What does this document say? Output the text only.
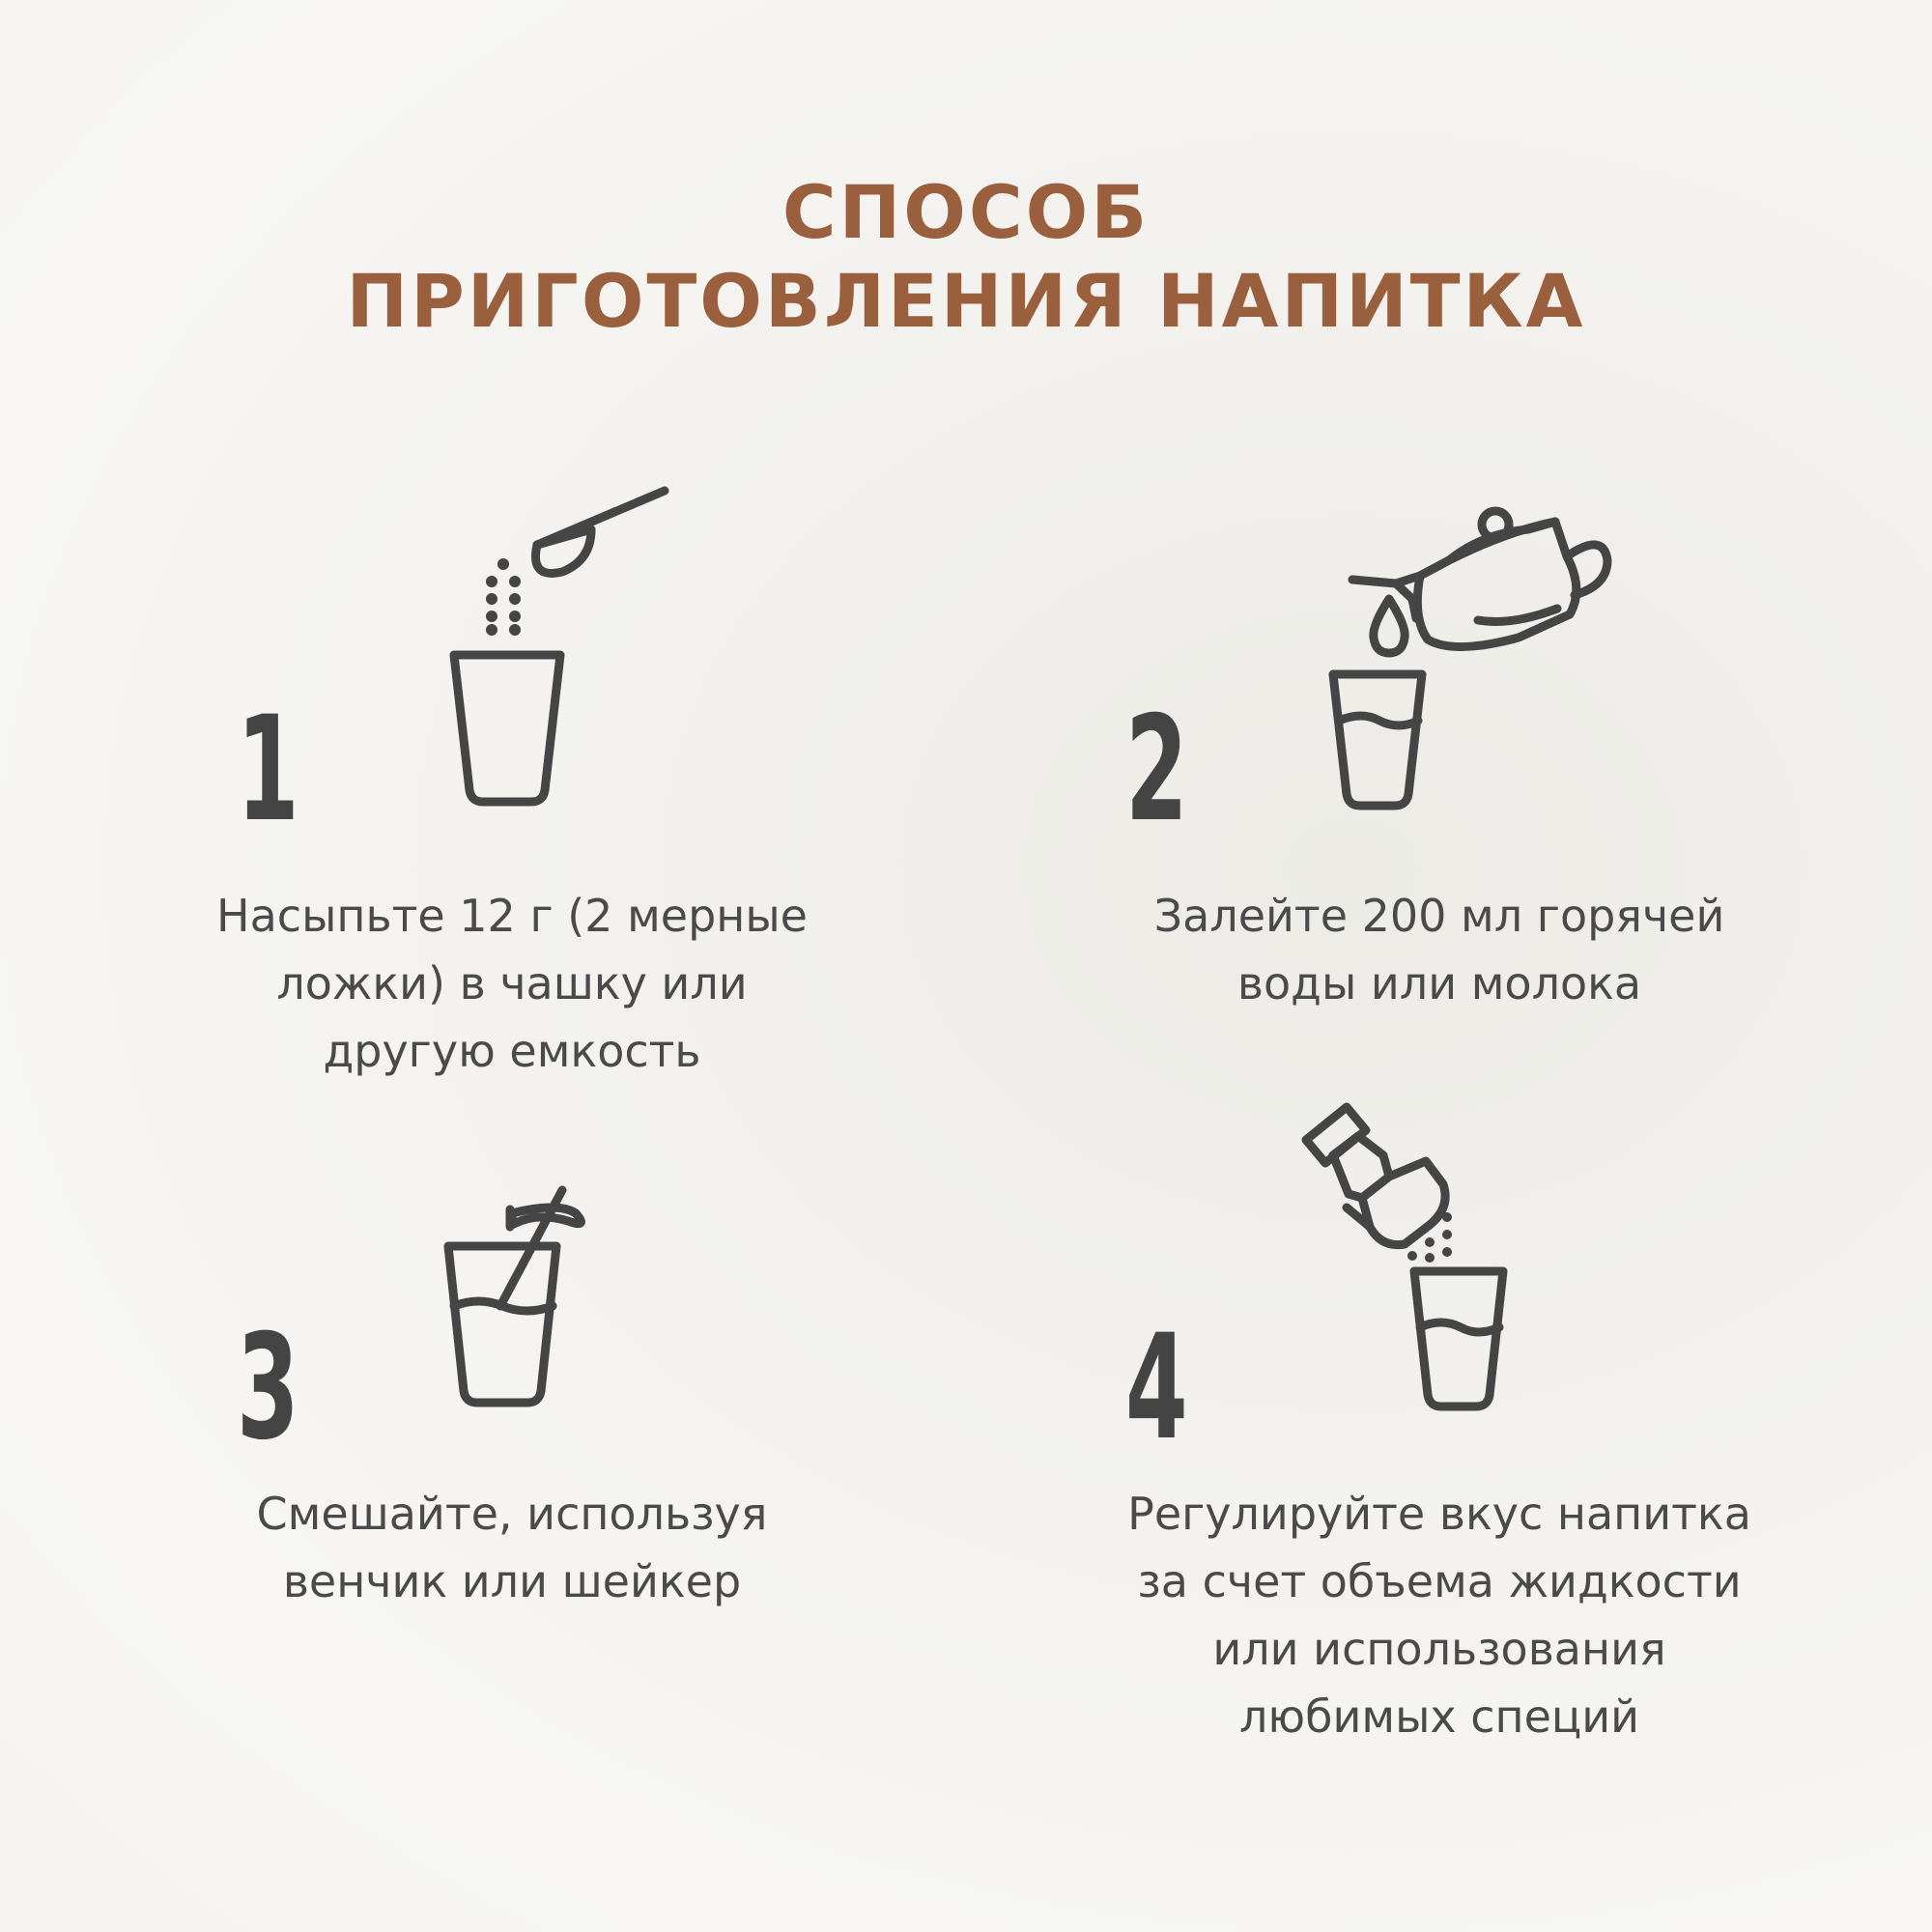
СПОСОБ
ПРИГОТОВЛЕНИЯ НАПИТКА
1
Насыпьте 12 г (2 мерные
ложки) в чашку или
другую емкость
2
Залейте 200 мл горячей
воды или молока
3
Смешайте, используя
венчик или шейкер
4
Регулируйте вкус напитка
за счет объема жидкости
или использования
любимых специй
